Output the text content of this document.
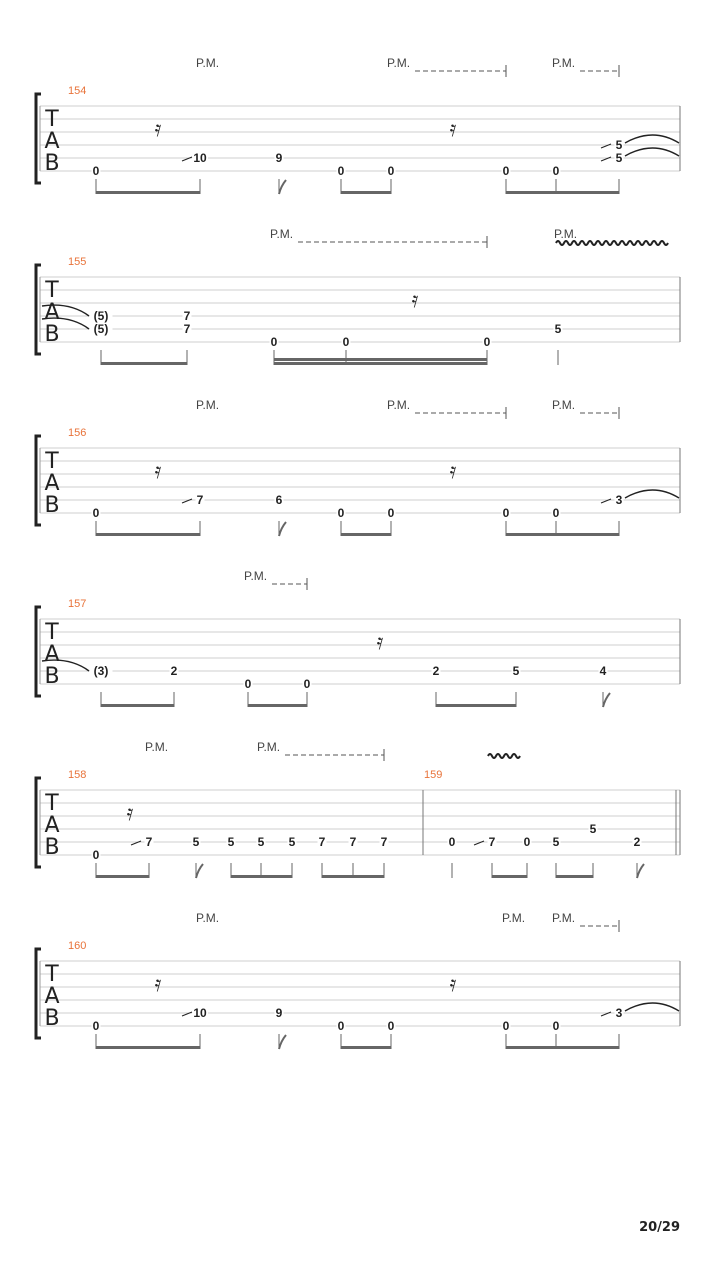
T
A
B
154
P.M.	P.M.	P.M.
𝄿	𝄿
0
10	9
0	0	0	0
5
5
T
A
B
155
P.M.	P.M.
𝄿
(5)
(5)
7
7
0	0	0
5
T
A
B
156
P.M.	P.M.	P.M.
𝄿	𝄿
0
7	6
0	0	0	0
3
T
A
B
157
P.M.
𝄿
(3)	2
0	0
2	5	4
T
A
B
158
P.M.	P.M.
159
𝄿
0
7	5 5 5 5 7 7 7	0	7 0 5
5
2
T
A
B
160
P.M.	P.M. P.M.
𝄿	𝄿
0
10	9
0	0	0	0
3
20/29
